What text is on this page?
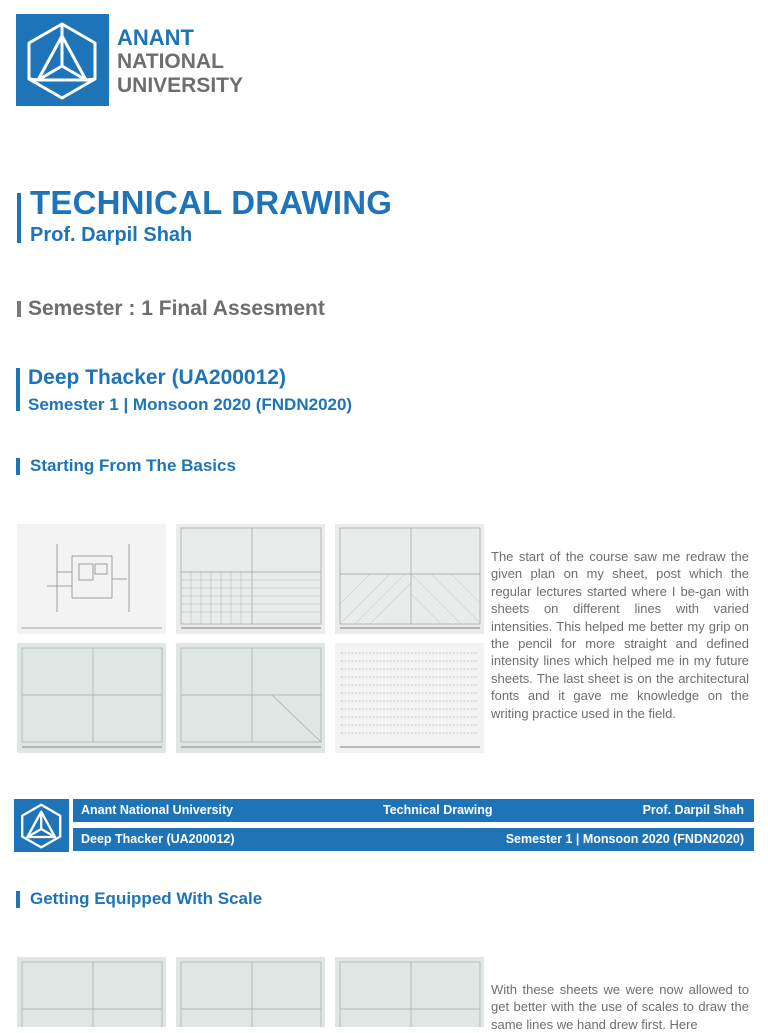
ANANT
NATIONAL
UNIVERSITY
TECHNICAL DRAWING
Prof. Darpil Shah
Semester : 1 Final Assesment
Deep Thacker (UA200012)
Semester 1 | Monsoon 2020 (FNDN2020)
Starting From The Basics
The start of the course saw me redraw the given plan on my sheet, post which the regular lectures started where I be-gan with sheets on different lines with varied intensities. This helped me better my grip on the pencil for more straight and defined intensity lines which helped me in my future sheets. The last sheet is on the architectural fonts and it gave me knowledge on the writing practice used in the field.
Anant National University	Technical Drawing	Prof. Darpil Shah
Deep Thacker (UA200012)	Semester 1 | Monsoon 2020 (FNDN2020)
Getting Equipped With Scale
With these sheets we were now allowed to get better with the use of scales to draw the same lines we hand drew first. Here
